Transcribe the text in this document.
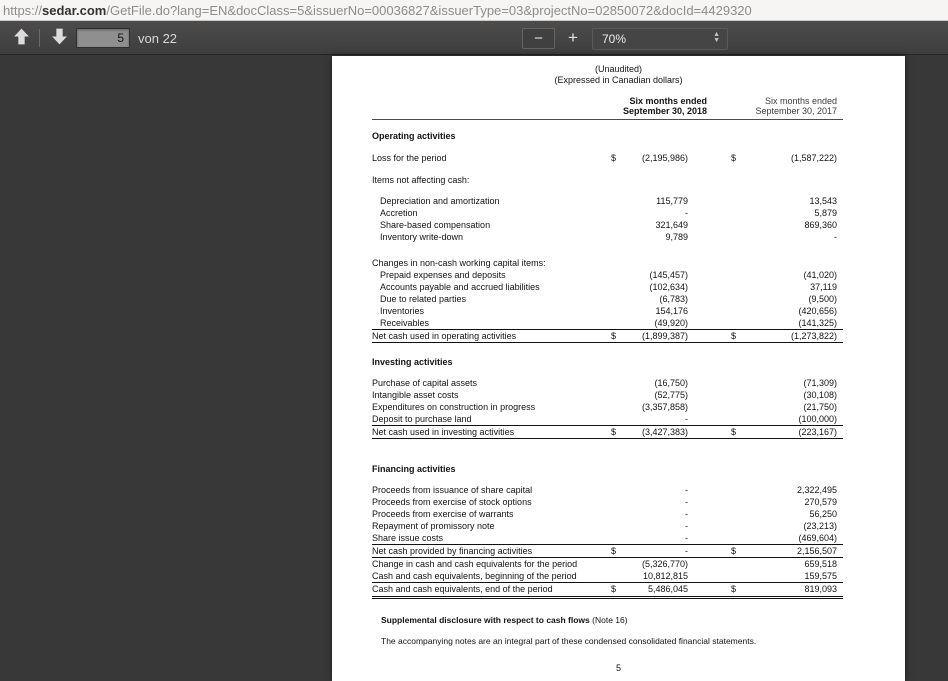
https://sedar.com/GetFile.do?lang=EN&docClass=5&issuerNo=00036827&issuerType=03&projectNo=02850072&docId=4429320
5
von 22	−	+	70%	▲
▼
(Unaudited)
(Expressed in Canadian dollars)
Six months ended
September 30, 2018
Six months ended
September 30, 2017
Operating activities
Loss for the period	$	(2,195,986)	$	(1,587,222)
Items not affecting cash:
Depreciation and amortization	115,779	13,543
Accretion	-	5,879
Share-based compensation	321,649	869,360
Inventory write-down	9,789	-
Changes in non-cash working capital items:
Prepaid expenses and deposits	(145,457)	(41,020)
Accounts payable and accrued liabilities	(102,634)	37,119
Due to related parties	(6,783)	(9,500)
Inventories	154,176	(420,656)
Receivables	(49,920)	(141,325)
Net cash used in operating activities	$	(1,899,387)	$	(1,273,822)
Investing activities
Purchase of capital assets	(16,750)	(71,309)
Intangible asset costs	(52,775)	(30,108)
Expenditures on construction in progress	(3,357,858)	(21,750)
Deposit to purchase land	-	(100,000)
Net cash used in investing activities	$	(3,427,383)	$	(223,167)
Financing activities
Proceeds from issuance of share capital	-	2,322,495
Proceeds from exercise of stock options	-	270,579
Proceeds from exercise of warrants	-	56,250
Repayment of promissory note	-	(23,213)
Share issue costs	-	(469,604)
Net cash provided by financing activities	$	-	$	2,156,507
Change in cash and cash equivalents for the period	(5,326,770)	659,518
Cash and cash equivalents, beginning of the period	10,812,815	159,575
Cash and cash equivalents, end of the period	$	5,486,045	$	819,093
Supplemental disclosure with respect to cash flows (Note 16)
The accompanying notes are an integral part of these condensed consolidated financial statements.
5
